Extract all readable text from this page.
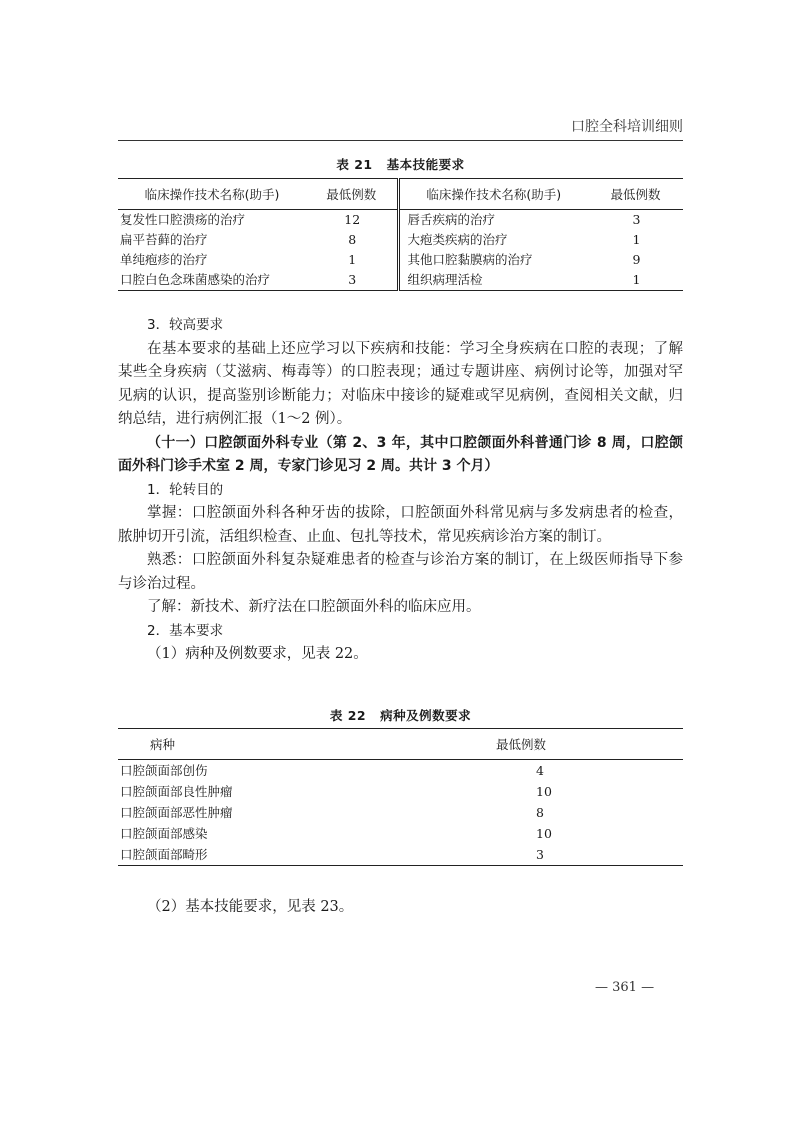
口腔全科培训细则
表 21 基本技能要求
临床操作技术名称(助手)	最低例数	临床操作技术名称(助手)	最低例数
复发性口腔溃疡的治疗	12	唇舌疾病的治疗	3
扁平苔藓的治疗	8	大疱类疾病的治疗	1
单纯疱疹的治疗	1	其他口腔黏膜病的治疗	9
口腔白色念珠菌感染的治疗	3	组织病理活检	1

3．较高要求

在基本要求的基础上还应学习以下疾病和技能：学习全身疾病在口腔的表现；了解某些全身疾病（艾滋病、梅毒等）的口腔表现；通过专题讲座、病例讨论等，加强对罕见病的认识，提高鉴别诊断能力；对临床中接诊的疑难或罕见病例，查阅相关文献，归纳总结，进行病例汇报（1～2 例）。

（十一）口腔颌面外科专业（第 2、3 年，其中口腔颌面外科普通门诊 8 周，口腔颌面外科门诊手术室 2 周，专家门诊见习 2 周。共计 3 个月）

1．轮转目的

掌握：口腔颌面外科各种牙齿的拔除，口腔颌面外科常见病与多发病患者的检查，脓肿切开引流，活组织检查、止血、包扎等技术，常见疾病诊治方案的制订。

熟悉：口腔颌面外科复杂疑难患者的检查与诊治方案的制订，在上级医师指导下参与诊治过程。

了解：新技术、新疗法在口腔颌面外科的临床应用。

2．基本要求

（1）病种及例数要求，见表 22。

表 22 病种及例数要求
病种	最低例数
口腔颌面部创伤	4
口腔颌面部良性肿瘤	10
口腔颌面部恶性肿瘤	8
口腔颌面部感染	10
口腔颌面部畸形	3

（2）基本技能要求，见表 23。

— 361 —
